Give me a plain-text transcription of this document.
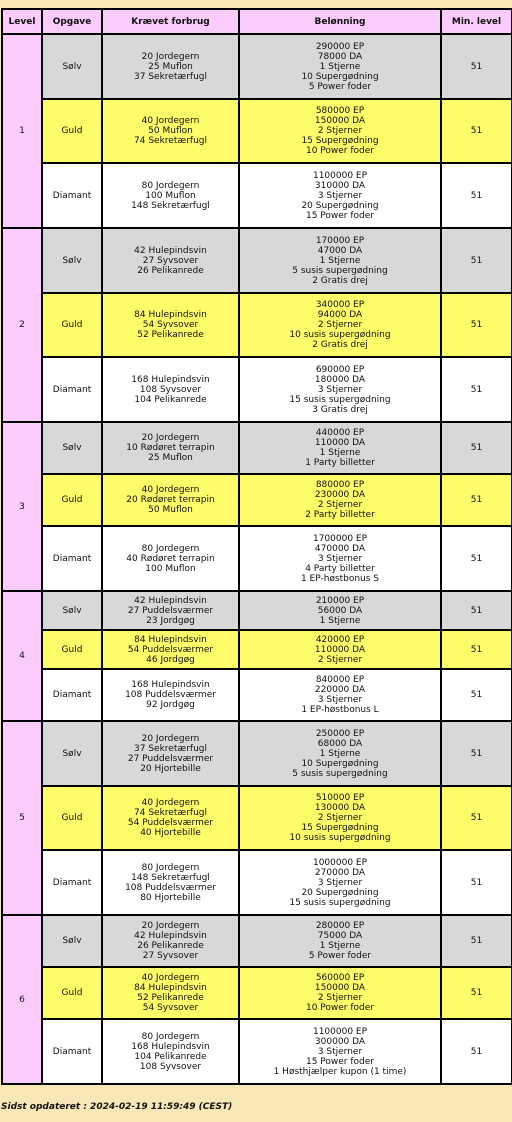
Level	Opgave	Krævet forbrug	Belønning	Min. level
1	Sølv	20 Jordegern
25 Muflon
37 Sekretærfugl	290000 EP
78000 DA
1 Stjerne
10 Supergødning
5 Power foder	51
	Guld	40 Jordegern
50 Muflon
74 Sekretærfugl	580000 EP
150000 DA
2 Stjerner
15 Supergødning
10 Power foder	51
	Diamant	80 Jordegern
100 Muflon
148 Sekretærfugl	1100000 EP
310000 DA
3 Stjerner
20 Supergødning
15 Power foder	51
2	Sølv	42 Hulepindsvin
27 Syvsover
26 Pelikanrede	170000 EP
47000 DA
1 Stjerne
5 susis supergødning
2 Gratis drej	51
	Guld	84 Hulepindsvin
54 Syvsover
52 Pelikanrede	340000 EP
94000 DA
2 Stjerner
10 susis supergødning
2 Gratis drej	51
	Diamant	168 Hulepindsvin
108 Syvsover
104 Pelikanrede	690000 EP
180000 DA
3 Stjerner
15 susis supergødning
3 Gratis drej	51
3	Sølv	20 Jordegern
10 Rødøret terrapin
25 Muflon	440000 EP
110000 DA
1 Stjerne
1 Party billetter	51
	Guld	40 Jordegern
20 Rødøret terrapin
50 Muflon	880000 EP
230000 DA
2 Stjerner
2 Party billetter	51
	Diamant	80 Jordegern
40 Rødøret terrapin
100 Muflon	1700000 EP
470000 DA
3 Stjerner
4 Party billetter
1 EP-høstbonus S	51
4	Sølv	42 Hulepindsvin
27 Puddelsværmer
23 Jordgøg	210000 EP
56000 DA
1 Stjerne	51
	Guld	84 Hulepindsvin
54 Puddelsværmer
46 Jordgøg	420000 EP
110000 DA
2 Stjerner	51
	Diamant	168 Hulepindsvin
108 Puddelsværmer
92 Jordgøg	840000 EP
220000 DA
3 Stjerner
1 EP-høstbonus L	51
5	Sølv	20 Jordegern
37 Sekretærfugl
27 Puddelsværmer
20 Hjortebille	250000 EP
68000 DA
1 Stjerne
10 Supergødning
5 susis supergødning	51
	Guld	40 Jordegern
74 Sekretærfugl
54 Puddelsværmer
40 Hjortebille	510000 EP
130000 DA
2 Stjerner
15 Supergødning
10 susis supergødning	51
	Diamant	80 Jordegern
148 Sekretærfugl
108 Puddelsværmer
80 Hjortebille	1000000 EP
270000 DA
3 Stjerner
20 Supergødning
15 susis supergødning	51
6	Sølv	20 Jordegern
42 Hulepindsvin
26 Pelikanrede
27 Syvsover	280000 EP
75000 DA
1 Stjerne
5 Power foder	51
	Guld	40 Jordegern
84 Hulepindsvin
52 Pelikanrede
54 Syvsover	560000 EP
150000 DA
2 Stjerner
10 Power foder	51
	Diamant	80 Jordegern
168 Hulepindsvin
104 Pelikanrede
108 Syvsover	1100000 EP
300000 DA
3 Stjerner
15 Power foder
1 Høsthjælper kupon (1 time)	51
Sidst opdateret : 2024-02-19 11:59:49 (CEST)
